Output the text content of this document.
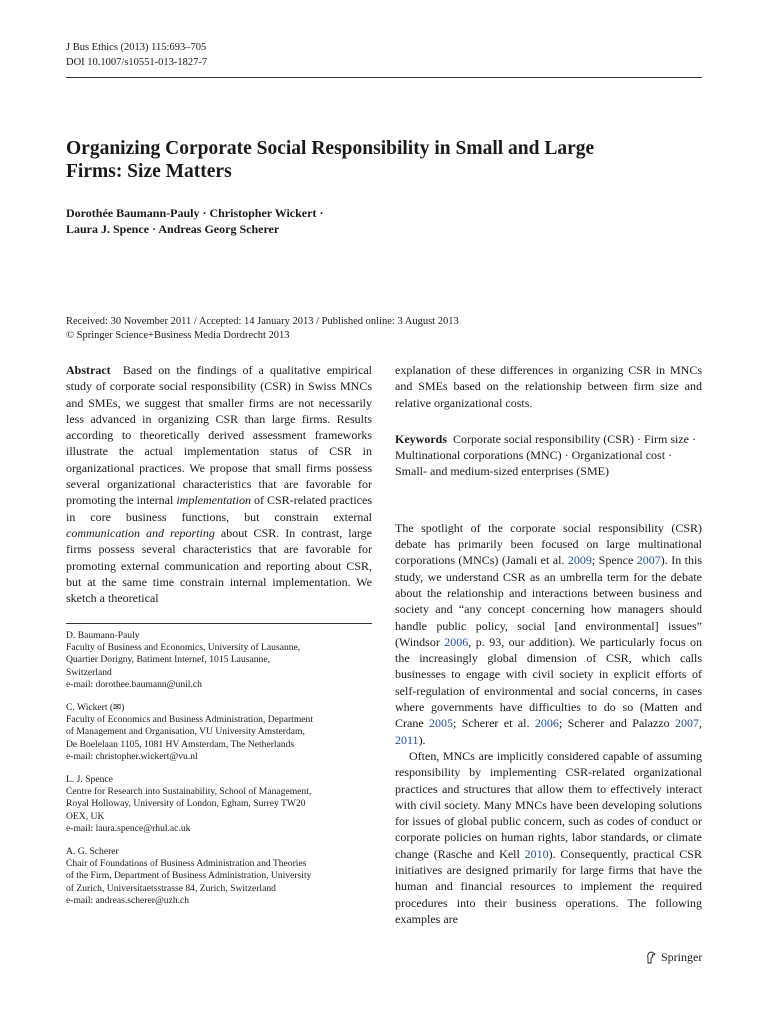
J Bus Ethics (2013) 115:693–705
DOI 10.1007/s10551-013-1827-7
Organizing Corporate Social Responsibility in Small and Large
Firms: Size Matters
Dorothée Baumann-Pauly · Christopher Wickert ·
Laura J. Spence · Andreas Georg Scherer
Received: 30 November 2011 / Accepted: 14 January 2013 / Published online: 3 August 2013
© Springer Science+Business Media Dordrecht 2013

Abstract Based on the findings of a qualitative empirical study of corporate social responsibility (CSR) in Swiss MNCs and SMEs, we suggest that smaller firms are not necessarily less advanced in organizing CSR than large firms. Results according to theoretically derived assessment frameworks illustrate the actual implementation status of CSR in organizational practices. We propose that small firms possess several organizational characteristics that are favorable for promoting the internal implementation of CSR-related practices in core business functions, but constrain external communication and reporting about CSR. In contrast, large firms possess several characteristics that are favorable for promoting external communication and reporting about CSR, but at the same time constrain internal implementation. We sketch a theoretical

D. Baumann-Pauly

Faculty of Business and Economics, University of Lausanne,

Quartier Dorigny, Batiment Internef, 1015 Lausanne,

Switzerland

e-mail: dorothee.baumann@unil.ch

C. Wickert (✉)

Faculty of Economics and Business Administration, Department

of Management and Organisation, VU University Amsterdam,

De Boelelaan 1105, 1081 HV Amsterdam, The Netherlands

e-mail: christopher.wickert@vu.nl

L. J. Spence

Centre for Research into Sustainability, School of Management,

Royal Holloway, University of London, Egham, Surrey TW20

OEX, UK

e-mail: laura.spence@rhul.ac.uk

A. G. Scherer

Chair of Foundations of Business Administration and Theories

of the Firm, Department of Business Administration, University

of Zurich, Universitaetsstrasse 84, Zurich, Switzerland

e-mail: andreas.scherer@uzh.ch

explanation of these differences in organizing CSR in MNCs and SMEs based on the relationship between firm size and relative organizational costs.

Keywords Corporate social responsibility (CSR) · Firm size · Multinational corporations (MNC) · Organizational cost · Small- and medium-sized enterprises (SME)

The spotlight of the corporate social responsibility (CSR) debate has primarily been focused on large multinational corporations (MNCs) (Jamali et al. 2009; Spence 2007). In this study, we understand CSR as an umbrella term for the debate about the relationship and interactions between business and society and “any concept concerning how managers should handle public policy, social [and environmental] issues” (Windsor 2006, p. 93, our addition). We particularly focus on the increasingly global dimension of CSR, which calls businesses to engage with civil society in explicit efforts of self-regulation of environmental and social concerns, in cases where governments have difficulties to do so (Matten and Crane 2005; Scherer et al. 2006; Scherer and Palazzo 2007, 2011).

Often, MNCs are implicitly considered capable of assuming responsibility by implementing CSR-related organizational practices and structures that allow them to effectively interact with civil society. Many MNCs have been developing solutions for issues of global public concern, such as codes of conduct or corporate policies on human rights, labor standards, or climate change (Rasche and Kell 2010). Consequently, practical CSR initiatives are designed primarily for large firms that have the human and financial resources to implement the required procedures into their business operations. The following examples are

Springer
